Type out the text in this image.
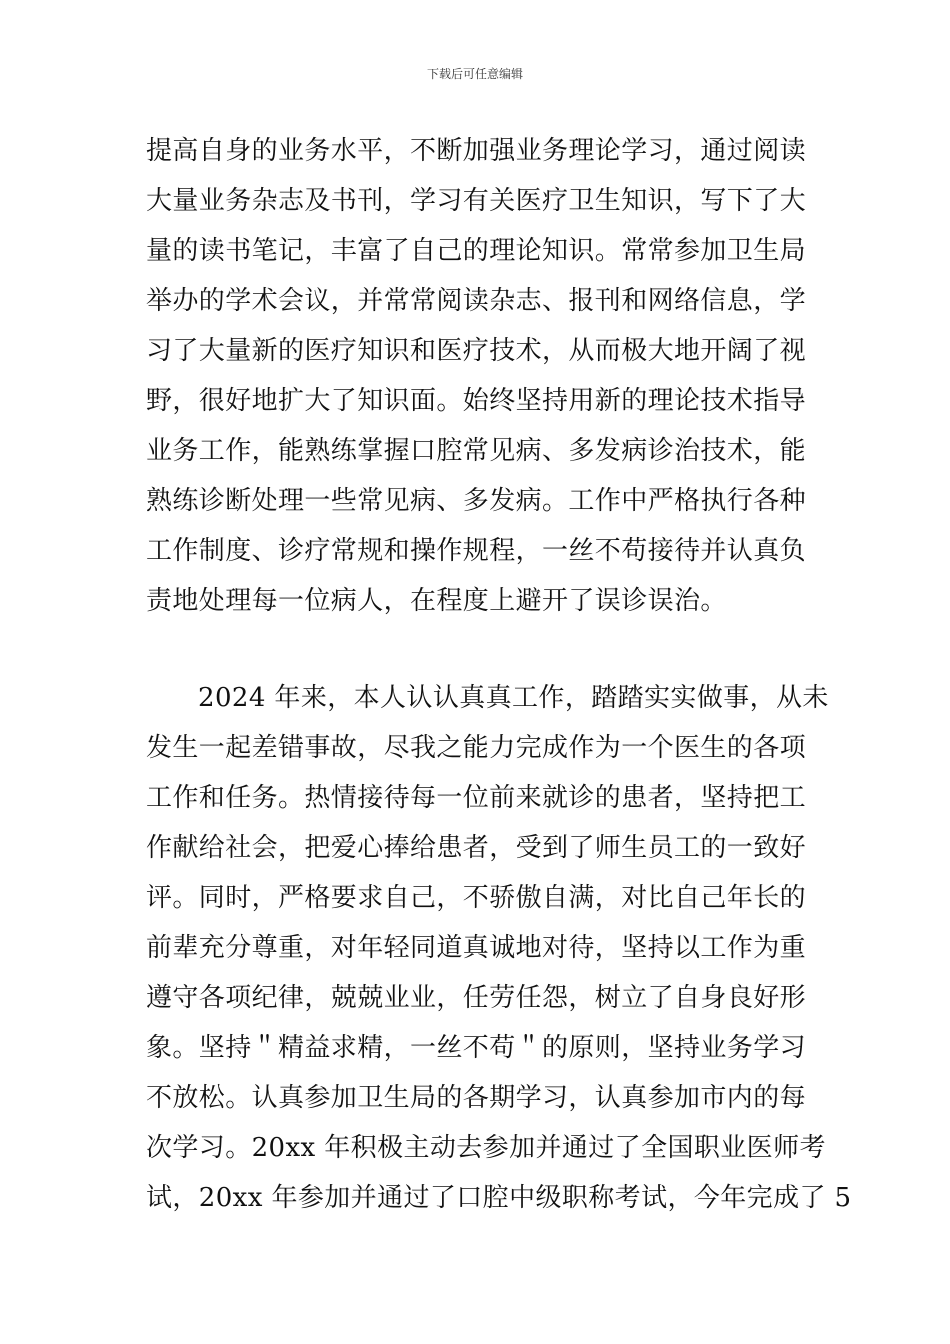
下载后可任意编辑
提高自身的业务水平，不断加强业务理论学习，通过阅读
大量业务杂志及书刊，学习有关医疗卫生知识，写下了大
量的读书笔记，丰富了自己的理论知识。常常参加卫生局
举办的学术会议，并常常阅读杂志、报刊和网络信息，学
习了大量新的医疗知识和医疗技术，从而极大地开阔了视
野，很好地扩大了知识面。始终坚持用新的理论技术指导
业务工作，能熟练掌握口腔常见病、多发病诊治技术，能
熟练诊断处理一些常见病、多发病。工作中严格执行各种
工作制度、诊疗常规和操作规程，一丝不苟接待并认真负
责地处理每一位病人，在程度上避开了误诊误治。
2024 年来，本人认认真真工作，踏踏实实做事，从未
发生一起差错事故，尽我之能力完成作为一个医生的各项
工作和任务。热情接待每一位前来就诊的患者，坚持把工
作献给社会，把爱心捧给患者，受到了师生员工的一致好
评。同时，严格要求自己，不骄傲自满，对比自己年长的
前辈充分尊重，对年轻同道真诚地对待，坚持以工作为重
遵守各项纪律，兢兢业业，任劳任怨，树立了自身良好形
象。坚持＂精益求精，一丝不苟＂的原则，坚持业务学习
不放松。认真参加卫生局的各期学习，认真参加市内的每
次学习。20xx 年积极主动去参加并通过了全国职业医师考
试，20xx 年参加并通过了口腔中级职称考试，今年完成了 5
